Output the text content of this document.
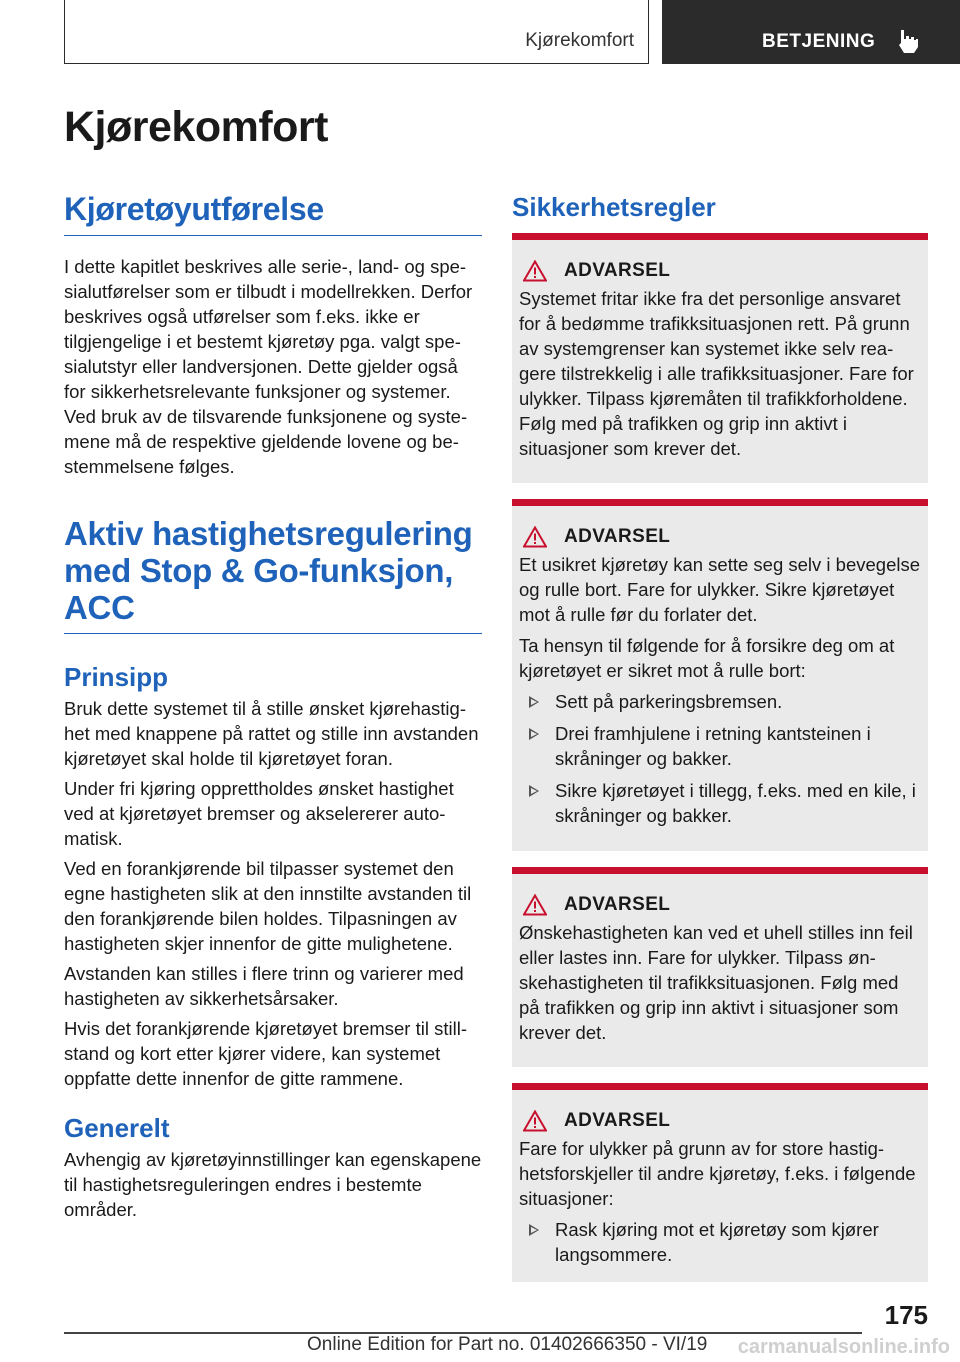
Kjørekomfort	BETJENING
Kjørekomfort
Kjøretøyutførelse

I dette kapitlet beskrives alle serie-, land- og spesialutførelser som er tilbudt i modellrekken. Derfor beskrives også utførelser som f.eks. ikke er tilgjengelige i et bestemt kjøretøy pga. valgt spesialutstyr eller landversjonen. Dette gjelder også for sikkerhetsrelevante funksjoner og systemer. Ved bruk av de tilsvarende funksjonene og systemene må de respektive gjeldende lovene og bestemmelsene følges.

Aktiv hastighetsregulering med Stop & Go-funksjon, ACC
Prinsipp

Bruk dette systemet til å stille ønsket kjørehastighet med knappene på rattet og stille inn avstanden kjøretøyet skal holde til kjøretøyet foran.

Under fri kjøring opprettholdes ønsket hastighet ved at kjøretøyet bremser og akselererer automatisk.

Ved en forankjørende bil tilpasser systemet den egne hastigheten slik at den innstilte avstanden til den forankjørende bilen holdes. Tilpasningen av hastigheten skjer innenfor de gitte mulighetene.

Avstanden kan stilles i flere trinn og varierer med hastigheten av sikkerhetsårsaker.

Hvis det forankjørende kjøretøyet bremser til stillstand og kort etter kjører videre, kan systemet oppfatte dette innenfor de gitte rammene.

Generelt

Avhengig av kjøretøyinnstillinger kan egenskapene til hastighetsreguleringen endres i bestemte områder.

Sikkerhetsregler
ADVARSEL

Systemet fritar ikke fra det personlige ansvaret for å bedømme trafikksituasjonen rett. På grunn av systemgrenser kan systemet ikke selv reagere tilstrekkelig i alle trafikksituasjoner. Fare for ulykker. Tilpass kjøremåten til trafikkforholdene. Følg med på trafikken og grip inn aktivt i situasjoner som krever det.

ADVARSEL

Et usikret kjøretøy kan sette seg selv i bevegelse og rulle bort. Fare for ulykker. Sikre kjøretøyet mot å rulle før du forlater det.

Ta hensyn til følgende for å forsikre deg om at kjøretøyet er sikret mot å rulle bort:

Sett på parkeringsbremsen.
Drei framhjulene i retning kantsteinen i skråninger og bakker.
Sikre kjøretøyet i tillegg, f.eks. med en kile, i skråninger og bakker.
ADVARSEL

Ønskehastigheten kan ved et uhell stilles inn feil eller lastes inn. Fare for ulykker. Tilpass ønskehastigheten til trafikksituasjonen. Følg med på trafikken og grip inn aktivt i situasjoner som krever det.

ADVARSEL

Fare for ulykker på grunn av for store hastighetsforskjeller til andre kjøretøy, f.eks. i følgende situasjoner:

Rask kjøring mot et kjøretøy som kjører langsommere.
175
Online Edition for Part no. 01402666350 - VI/19 carmanualsonline.info
